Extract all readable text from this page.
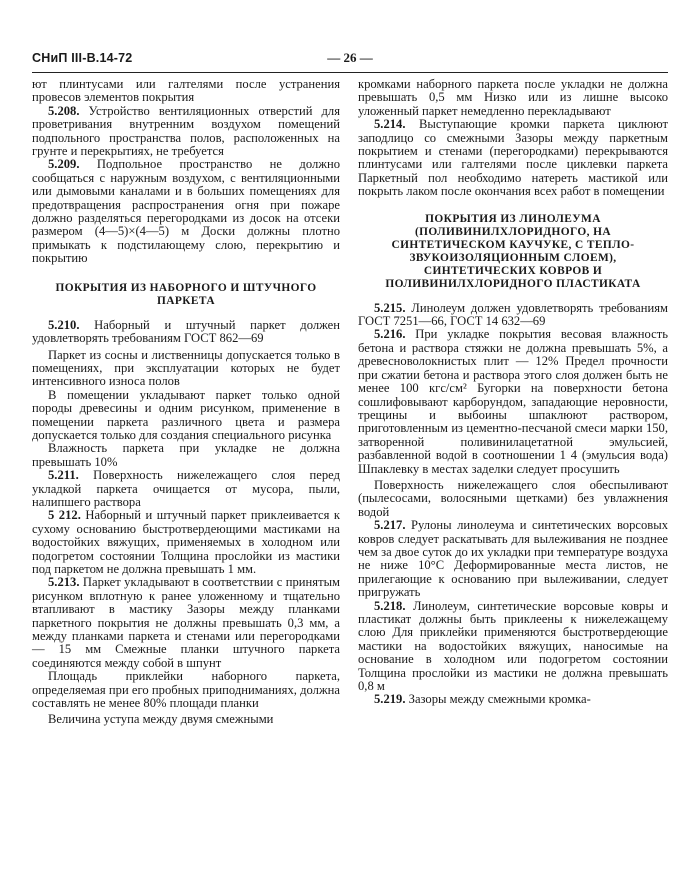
СНиП III-В.14-72	— 26 —

ют плинтусами или галтелями после устранения провесов элементов покрытия

5.208. Устройство вентиляционных отверстий для проветривания внутренним воздухом помещений подпольного пространства полов, расположенных на грунте и перекрытиях, не требуется

5.209. Подпольное пространство не должно сообщаться с наружным воздухом, с вентиляционными или дымовыми каналами и в больших помещениях для предотвращения распространения огня при пожаре должно разделяться перегородками из досок на отсеки размером (4—5)×(4—5) м Доски должны плотно примыкать к подстилающему слою, перекрытию и покрытию

ПОКРЫТИЯ ИЗ НАБОРНОГО И ШТУЧНОГО ПАРКЕТА

5.210. Наборный и штучный паркет должен удовлетворять требованиям ГОСТ 862—69

Паркет из сосны и лиственницы допускается только в помещениях, при эксплуатации которых не будет интенсивного износа полов

В помещении укладывают паркет только одной породы древесины и одним рисунком, применение в помещении паркета различного цвета и размера допускается только для создания специального рисунка

Влажность паркета при укладке не должна превышать 10%

5.211. Поверхность нижележащего слоя перед укладкой паркета очищается от мусора, пыли, налипшего раствора

5 212. Наборный и штучный паркет приклеивается к сухому основанию быстротвердеющими мастиками на водостойких вяжущих, применяемых в холодном или подогретом состоянии Толщина прослойки из мастики под паркетом не должна превышать 1 мм.

5.213. Паркет укладывают в соответствии с принятым рисунком вплотную к ранее уложенному и тщательно втапливают в мастику Зазоры между планками паркетного покрытия не должны превышать 0,3 мм, а между планками паркета и стенами или перегородками — 15 мм Смежные планки штучного паркета соединяются между собой в шпунт

Площадь приклейки наборного паркета, определяемая при его пробных приподниманиях, должна составлять не менее 80% площади планки

Величина уступа между двумя смежными

кромками наборного паркета после укладки не должна превышать 0,5 мм Низко или из лишне высоко уложенный паркет немедленно перекладывают

5.214. Выступающие кромки паркета циклюют заподлицо со смежными Зазоры между паркетным покрытием и стенами (перегородками) перекрываются плинтусами или галтелями после циклевки паркета Паркетный пол необходимо натереть мастикой или покрыть лаком после окончания всех работ в помещении

ПОКРЫТИЯ ИЗ ЛИНОЛЕУМА (ПОЛИВИНИЛХЛОРИДНОГО, НА СИНТЕТИЧЕСКОМ КАУЧУКЕ, С ТЕПЛО-ЗВУКОИЗОЛЯЦИОННЫМ СЛОЕМ), СИНТЕТИЧЕСКИХ КОВРОВ И ПОЛИВИНИЛХЛОРИДНОГО ПЛАСТИКАТА

5.215. Линолеум должен удовлетворять требованиям ГОСТ 7251—66, ГОСТ 14 632—69

5.216. При укладке покрытия весовая влажность бетона и раствора стяжки не должна превышать 5%, а древесноволокнистых плит — 12% Предел прочности при сжатии бетона и раствора этого слоя должен быть не менее 100 кгс/см² Бугорки на поверхности бетона сошлифовывают карборундом, западающие неровности, трещины и выбоины шпаклюют раствором, приготовленным из цементно-песчаной смеси марки 150, затворенной поливинилацетатной эмульсией, разбавленной водой в соотношении 1 4 (эмульсия вода) Шпаклевку в местах заделки следует просушить

Поверхность нижележащего слоя обеспыливают (пылесосами, волосяными щетками) без увлажнения водой

5.217. Рулоны линолеума и синтетических ворсовых ковров следует раскатывать для вылеживания не позднее чем за двое суток до их укладки при температуре воздуха не ниже 10°С Деформированные места листов, не прилегающие к основанию при вылеживании, следует пригружать

5.218. Линолеум, синтетические ворсовые ковры и пластикат должны быть приклеены к нижележащему слою Для приклейки применяются быстротвердеющие мастики на водостойких вяжущих, наносимые на основание в холодном или подогретом состоянии Толщина прослойки из мастики не должна превышать 0,8 м

5.219. Зазоры между смежными кромка-
